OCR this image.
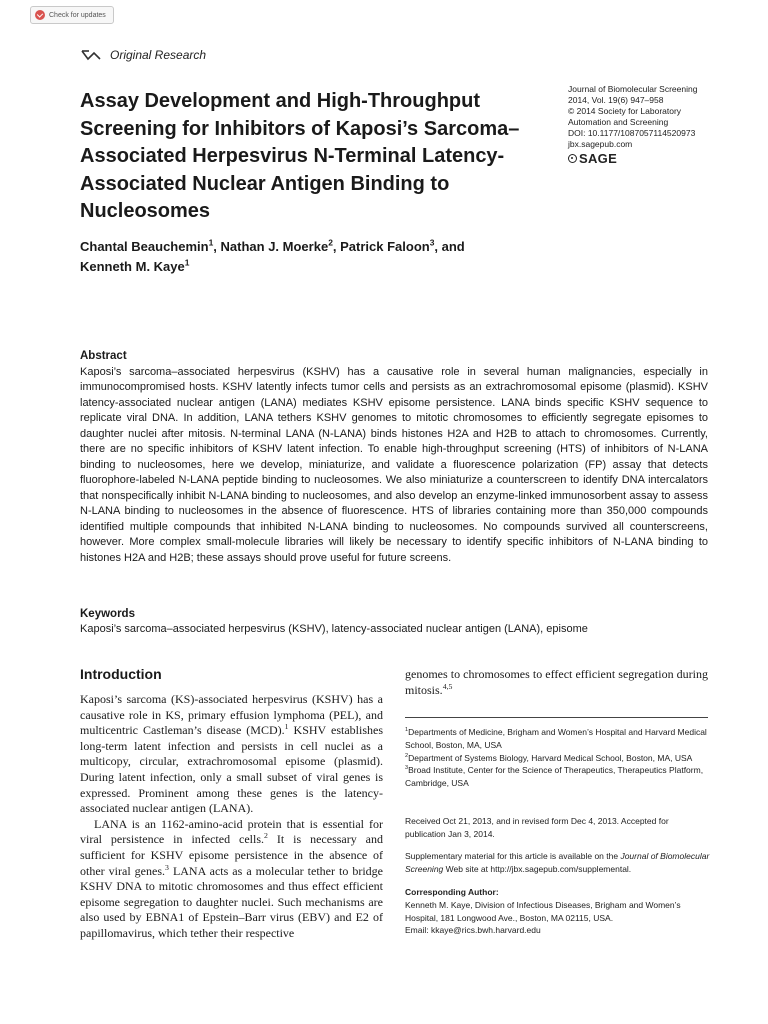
Check for updates
Original Research
Assay Development and High-Throughput Screening for Inhibitors of Kaposi’s Sarcoma–Associated Herpesvirus N-Terminal Latency-Associated Nuclear Antigen Binding to Nucleosomes
Journal of Biomolecular Screening
2014, Vol. 19(6) 947–958
© 2014 Society for Laboratory
Automation and Screening
DOI: 10.1177/1087057114520973
jbx.sagepub.com
SAGE
Chantal Beauchemin$^1$, Nathan J. Moerke$^2$, Patrick Faloon$^3$, and
Kenneth M. Kaye$^1$
Abstract
Kaposi’s sarcoma–associated herpesvirus (KSHV) has a causative role in several human malignancies, especially in immunocompromised hosts. KSHV latently infects tumor cells and persists as an extrachromosomal episome (plasmid). KSHV latency-associated nuclear antigen (LANA) mediates KSHV episome persistence. LANA binds specific KSHV sequence to replicate viral DNA. In addition, LANA tethers KSHV genomes to mitotic chromosomes to efficiently segregate episomes to daughter nuclei after mitosis. N-terminal LANA (N-LANA) binds histones H2A and H2B to attach to chromosomes. Currently, there are no specific inhibitors of KSHV latent infection. To enable high-throughput screening (HTS) of inhibitors of N-LANA binding to nucleosomes, here we develop, miniaturize, and validate a fluorescence polarization (FP) assay that detects fluorophore-labeled N-LANA peptide binding to nucleosomes. We also miniaturize a counterscreen to identify DNA intercalators that nonspecifically inhibit N-LANA binding to nucleosomes, and also develop an enzyme-linked immunosorbent assay to assess N-LANA binding to nucleosomes in the absence of fluorescence. HTS of libraries containing more than 350,000 compounds identified multiple compounds that inhibited N-LANA binding to nucleosomes. No compounds survived all counterscreens, however. More complex small-molecule libraries will likely be necessary to identify specific inhibitors of N-LANA binding to histones H2A and H2B; these assays should prove useful for future screens.
Keywords
Kaposi’s sarcoma–associated herpesvirus (KSHV), latency-associated nuclear antigen (LANA), episome
Introduction

Kaposi’s sarcoma (KS)-associated herpesvirus (KSHV) has a causative role in KS, primary effusion lymphoma (PEL), and multicentric Castleman’s disease (MCD).$^1$ KSHV establishes long-term latent infection and persists in cell nuclei as a multicopy, circular, extrachromosomal episome (plasmid). During latent infection, only a small subset of viral genes is expressed. Prominent among these genes is the latency-associated nuclear antigen (LANA).

LANA is an 1162-amino-acid protein that is essential for viral persistence in infected cells.$^2$ It is necessary and sufficient for KSHV episome persistence in the absence of other viral genes.$^3$ LANA acts as a molecular tether to bridge KSHV DNA to mitotic chromosomes and thus effect efficient episome segregation to daughter nuclei. Such mechanisms are also used by EBNA1 of Epstein–Barr virus (EBV) and E2 of papillomavirus, which tether their respective

genomes to chromosomes to effect efficient segregation during mitosis.$^{4,5}$

$^1$Departments of Medicine, Brigham and Women’s Hospital and Harvard Medical School, Boston, MA, USA
$^2$Department of Systems Biology, Harvard Medical School, Boston, MA, USA
$^3$Broad Institute, Center for the Science of Therapeutics, Therapeutics Platform, Cambridge, USA
Received Oct 21, 2013, and in revised form Dec 4, 2013. Accepted for publication Jan 3, 2014.
Supplementary material for this article is available on the Journal of Biomolecular Screening Web site at http://jbx.sagepub.com/supplemental.
Corresponding Author:
Kenneth M. Kaye, Division of Infectious Diseases, Brigham and Women’s Hospital, 181 Longwood Ave., Boston, MA 02115, USA.
Email: kkaye@rics.bwh.harvard.edu
